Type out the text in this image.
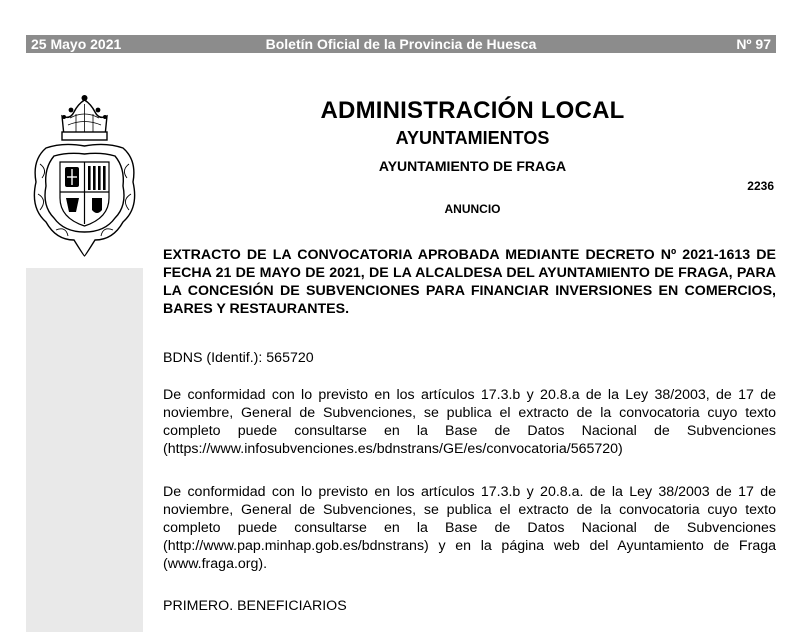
25 Mayo 2021	Boletín Oficial de la Provincia de Huesca	Nº 97
ADMINISTRACIÓN LOCAL
AYUNTAMIENTOS
AYUNTAMIENTO DE FRAGA
2236
ANUNCIO
EXTRACTO DE LA CONVOCATORIA APROBADA MEDIANTE DECRETO Nº 2021-1613 DE FECHA 21 DE MAYO DE 2021, DE LA ALCALDESA DEL AYUNTAMIENTO DE FRAGA, PARA LA CONCESIÓN DE SUBVENCIONES PARA FINANCIAR INVERSIONES EN COMERCIOS, BARES Y RESTAURANTES.
BDNS (Identif.): 565720
De conformidad con lo previsto en los artículos 17.3.b y 20.8.a de la Ley 38/2003, de 17 de noviembre, General de Subvenciones, se publica el extracto de la convocatoria cuyo texto completo puede consultarse en la Base de Datos Nacional de Subvenciones (https://www.infosubvenciones.es/bdnstrans/GE/es/convocatoria/565720)
De conformidad con lo previsto en los artículos 17.3.b y 20.8.a. de la Ley 38/2003 de 17 de noviembre, General de Subvenciones, se publica el extracto de la convocatoria cuyo texto completo puede consultarse en la Base de Datos Nacional de Subvenciones (http://www.pap.minhap.gob.es/bdnstrans) y en la página web del Ayuntamiento de Fraga (www.fraga.org).
PRIMERO. BENEFICIARIOS
